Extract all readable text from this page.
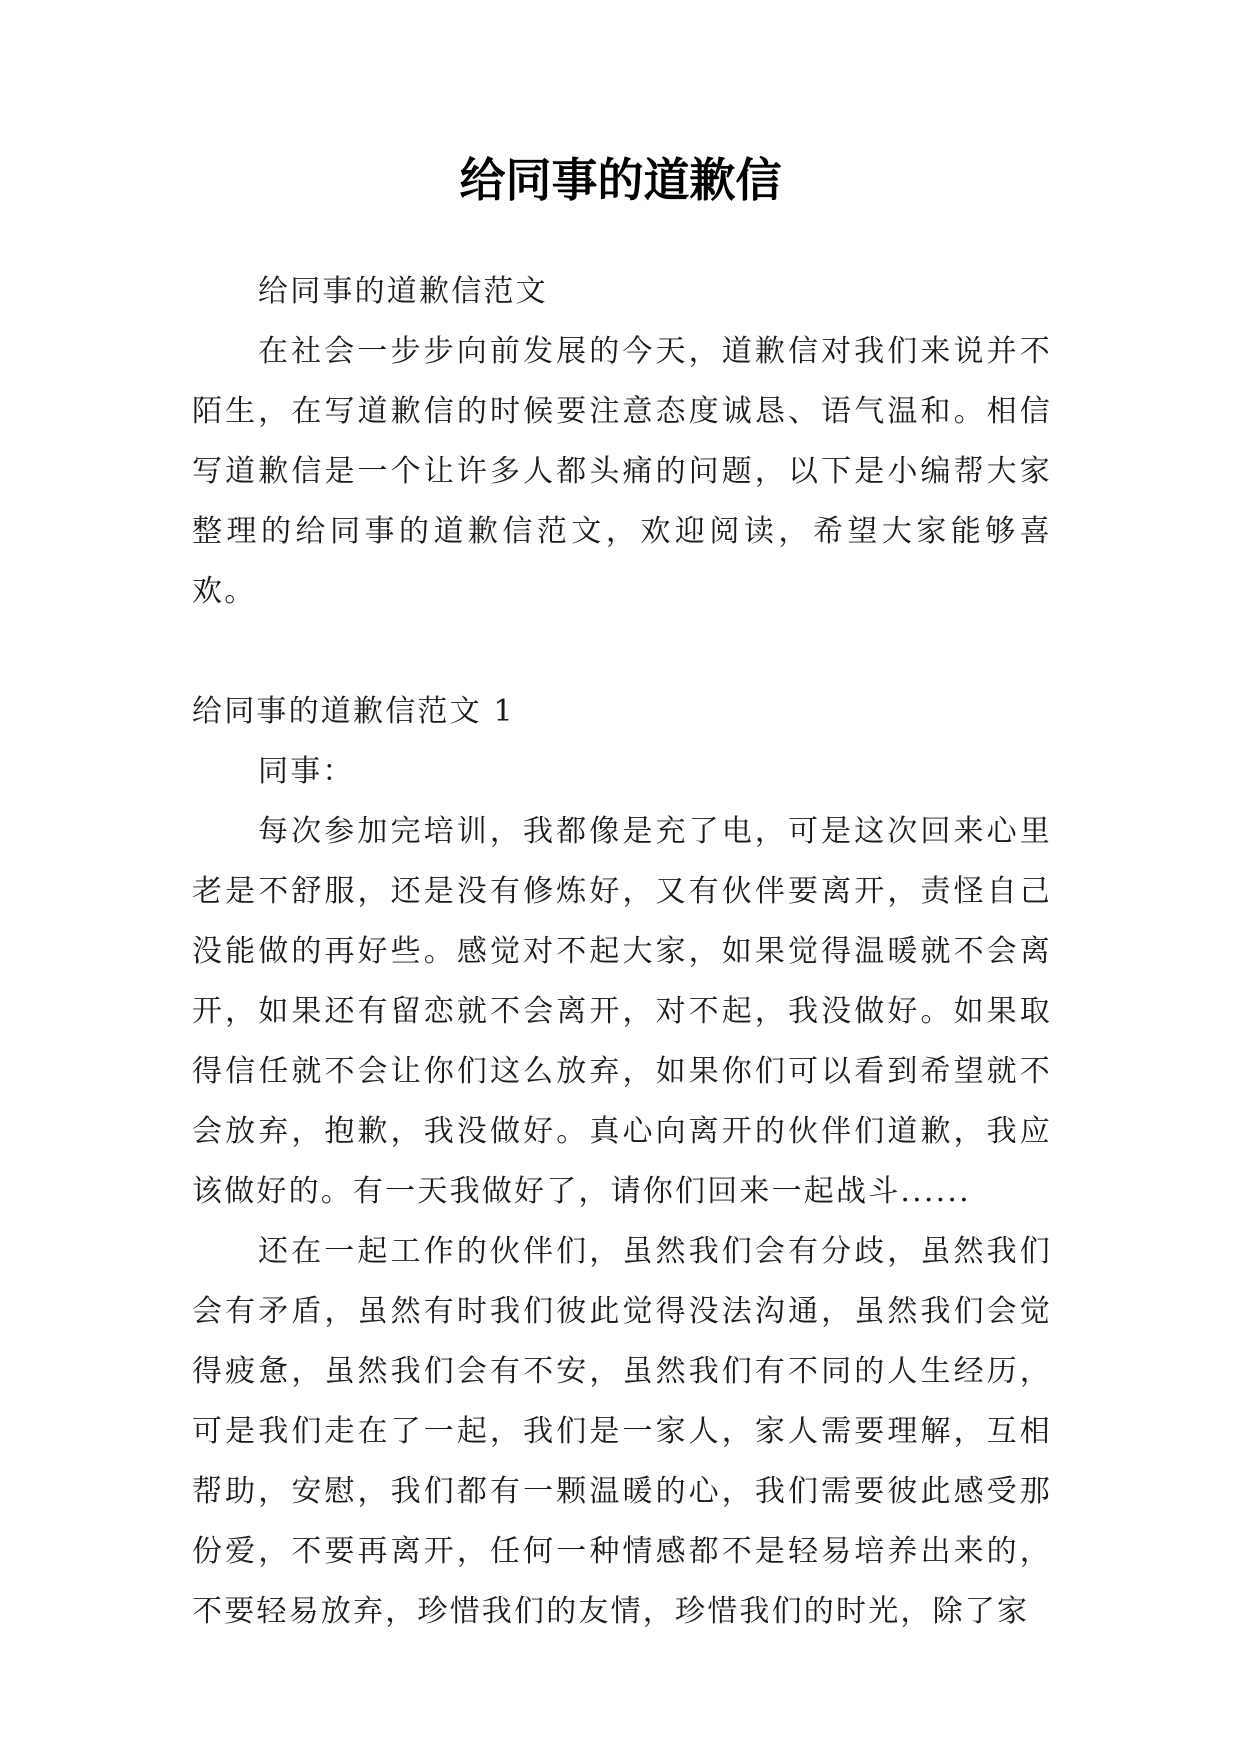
给同事的道歉信

给同事的道歉信范文

在社会一步步向前发展的今天，道歉信对我们来说并不陌生，在写道歉信的时候要注意态度诚恳、语气温和。相信写道歉信是一个让许多人都头痛的问题，以下是小编帮大家整理的给同事的道歉信范文，欢迎阅读，希望大家能够喜欢。

给同事的道歉信范文 1

同事：

每次参加完培训，我都像是充了电，可是这次回来心里老是不舒服，还是没有修炼好，又有伙伴要离开，责怪自己没能做的再好些。感觉对不起大家，如果觉得温暖就不会离开，如果还有留恋就不会离开，对不起，我没做好。如果取得信任就不会让你们这么放弃，如果你们可以看到希望就不会放弃，抱歉，我没做好。真心向离开的伙伴们道歉，我应该做好的。有一天我做好了，请你们回来一起战斗......

还在一起工作的伙伴们，虽然我们会有分歧，虽然我们会有矛盾，虽然有时我们彼此觉得没法沟通，虽然我们会觉得疲惫，虽然我们会有不安，虽然我们有不同的人生经历，可是我们走在了一起，我们是一家人，家人需要理解，互相帮助，安慰，我们都有一颗温暖的心，我们需要彼此感受那份爱，不要再离开，任何一种情感都不是轻易培养出来的，不要轻易放弃，珍惜我们的友情，珍惜我们的时光，除了家
